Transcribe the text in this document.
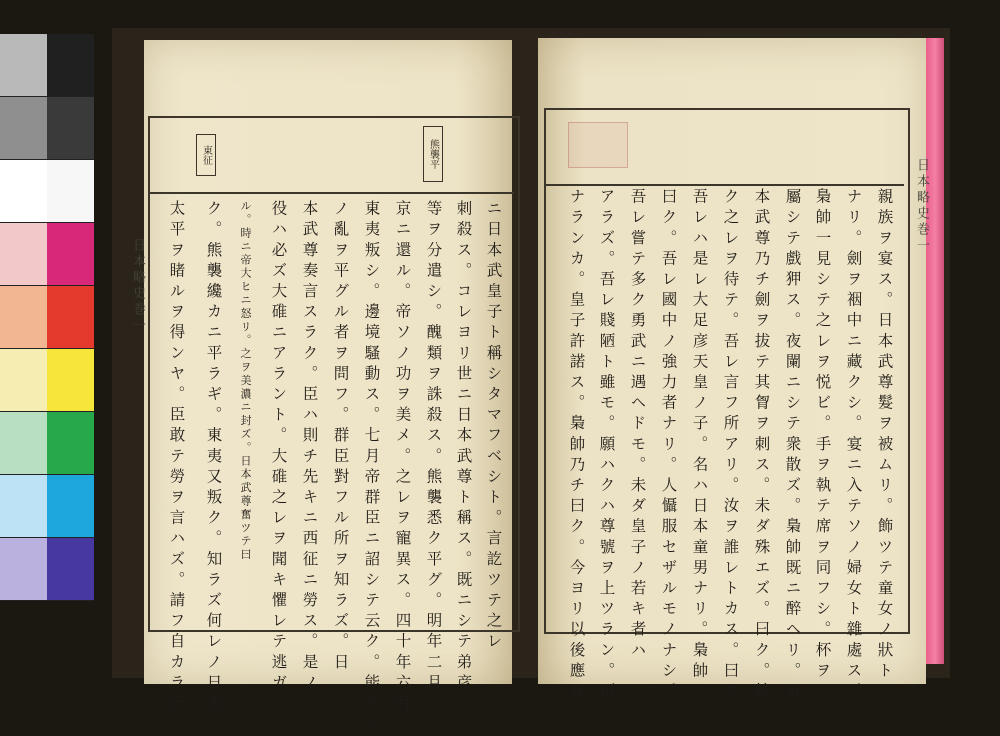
東征	熊襲平
日本略史巻一
日本略史巻一
ニ日本武皇子ト稱シタマフベシト。言訖ツテ之レ
刺殺ス。コレヨリ世ニ日本武尊ト稱ス。既ニシテ弟彦
等ヲ分遣シ。醜類ヲ誅殺ス。熊襲悉ク平グ。明年二月
京ニ還ル。帝ソノ功ヲ美メ。之レヲ寵異ス。四十年六月。
東夷叛シ。邊境騷動ス。七月帝群臣ニ詔シテ云ク。能クソ
ノ亂ヲ平グル者ヲ問フ。群臣對フル所ヲ知ラズ。日
本武尊奏言スラク。臣ハ則チ先キニ西征ニ勞ス。是ノ
役ハ必ズ大碓ニアラント。大碓之レヲ聞キ懼レテ逃ガ
ル。時ニ帝大ヒニ怒リ。之ヲ美濃ニ封ズ。日本武尊奮ツテ曰
ク。熊襲纔カニ平ラギ。東夷又叛ク。知ラズ何レノ日カ
太平ヲ睹ルヲ得ンヤ。臣敢テ勞ヲ言ハズ。請フ自カラ行	親族ヲ宴ス。日本武尊髮ヲ被ムリ。飾ツテ童女ノ狀ト
ナリ。劍ヲ裀中ニ藏クシ。宴ニ入テソノ婦女ト雜處ス。
梟帥一見シテ之レヲ悦ビ。手ヲ執テ席ヲ同フシ。杯ヲ
屬シテ戲狎ス。夜闌ニシテ衆散ズ。梟帥既ニ醉ヘリ。日
本武尊乃チ劍ヲ拔テ其胷ヲ刺ス。未ダ殊エズ。曰ク。姑
ク之レヲ待テ。吾レ言フ所アリ。汝ヲ誰レトカス。曰ク。
吾レハ是レ大足彦天皇ノ子。名ハ日本童男ナリ。梟帥
曰ク。吾レ國中ノ強力者ナリ。人懾服セザルモノナシ。
吾レ嘗テ多ク勇武ニ遇ヘドモ。未ダ皇子ノ若キ者ハ
アラズ。吾レ賤陋ト雖モ。願ハクハ尊號ヲ上ツラン。可
ナランカ。皇子許諾ス。梟帥乃チ曰ク。今ヨリ以後應サ
